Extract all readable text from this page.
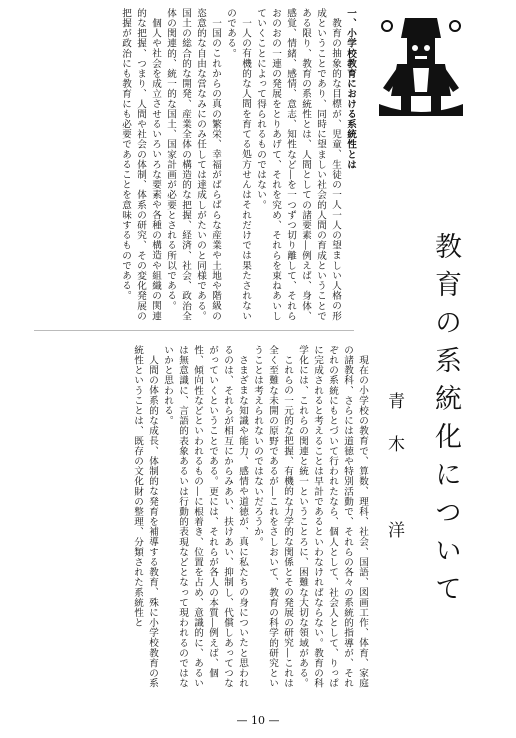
一、小学校教育における系統性とは

教育の抽象的な目標が、児童、生徒の一人一人の望ましい人格の形成ということであり、同時に望ましい社会的人間の育成ということである限り、教育の系統性とは、人間としての諸要素―例えば、身体、感覚、情緒、感情、意志、知性など―を一つずつ切り離して、それらおのおの一連の発展をとりあげて、それを究め、それらを束ねあいしていくことによって得られるものではない。

一人の有機的な人間を育てる処方せんはそれだけでは果たされないのである。

一国のこれからの真の繁栄、幸福がばらばらな産業や土地や階級の恣意的な自由な営なみにのみ任しては達成しがたいのと同様である。国土の総合的な開発、産業全体の構造的な把握、経済、社会、政治全体の関連的、統一的な国土、国家計画が必要とされる所以である。

個人や社会を成立させるいろいろな要素や各種の構造や組織の関連的な把握、つまり、人間や社会の体制、体系の研究、その変化発展の把握が政治にも教育にも必要であることを意味するものである。

教育の系統化について
青木　洋

現在の小学校の教育で、算数、理科、社会、国語、図画工作、体育、家庭の諸教科、さらには道徳や特別活動で、それらの各々の系統的指導が、それぞれの系統にもとづいて行われたなら、個人として、社会人として、りっぱに完成されると考えることは早計であるといわなければならない。教育の科学化には、これらの関連と統一ということろに、困難な大切な領域がある。

これらの一元的な把握、有機的な力学的な関係とその発展の研究―これは全く至難な未開の原野であるが―これをさしおいて、教育の科学的研究ということは考えられないのではないだろうか。

さまざまな知識や能力、感情や道徳が、真に私たちの身についたと思われるのは、それらが相互にからみあい、扶けあい、抑制し、代償しあってつながっていくということである。更には、それらが各人の本質―例えば、個性、傾向性などといわれるもの―に根着き、位置を占め、意識的に、あるいは無意識に、言語的表象あるいは行動的表現などとなって現われるのではないかと思われる。

人間の体系的な成長、体制的な発育を補導する教育、殊に小学校教育の系統性ということは、既存の文化財の整理、分類された系統性と

— 10 —
